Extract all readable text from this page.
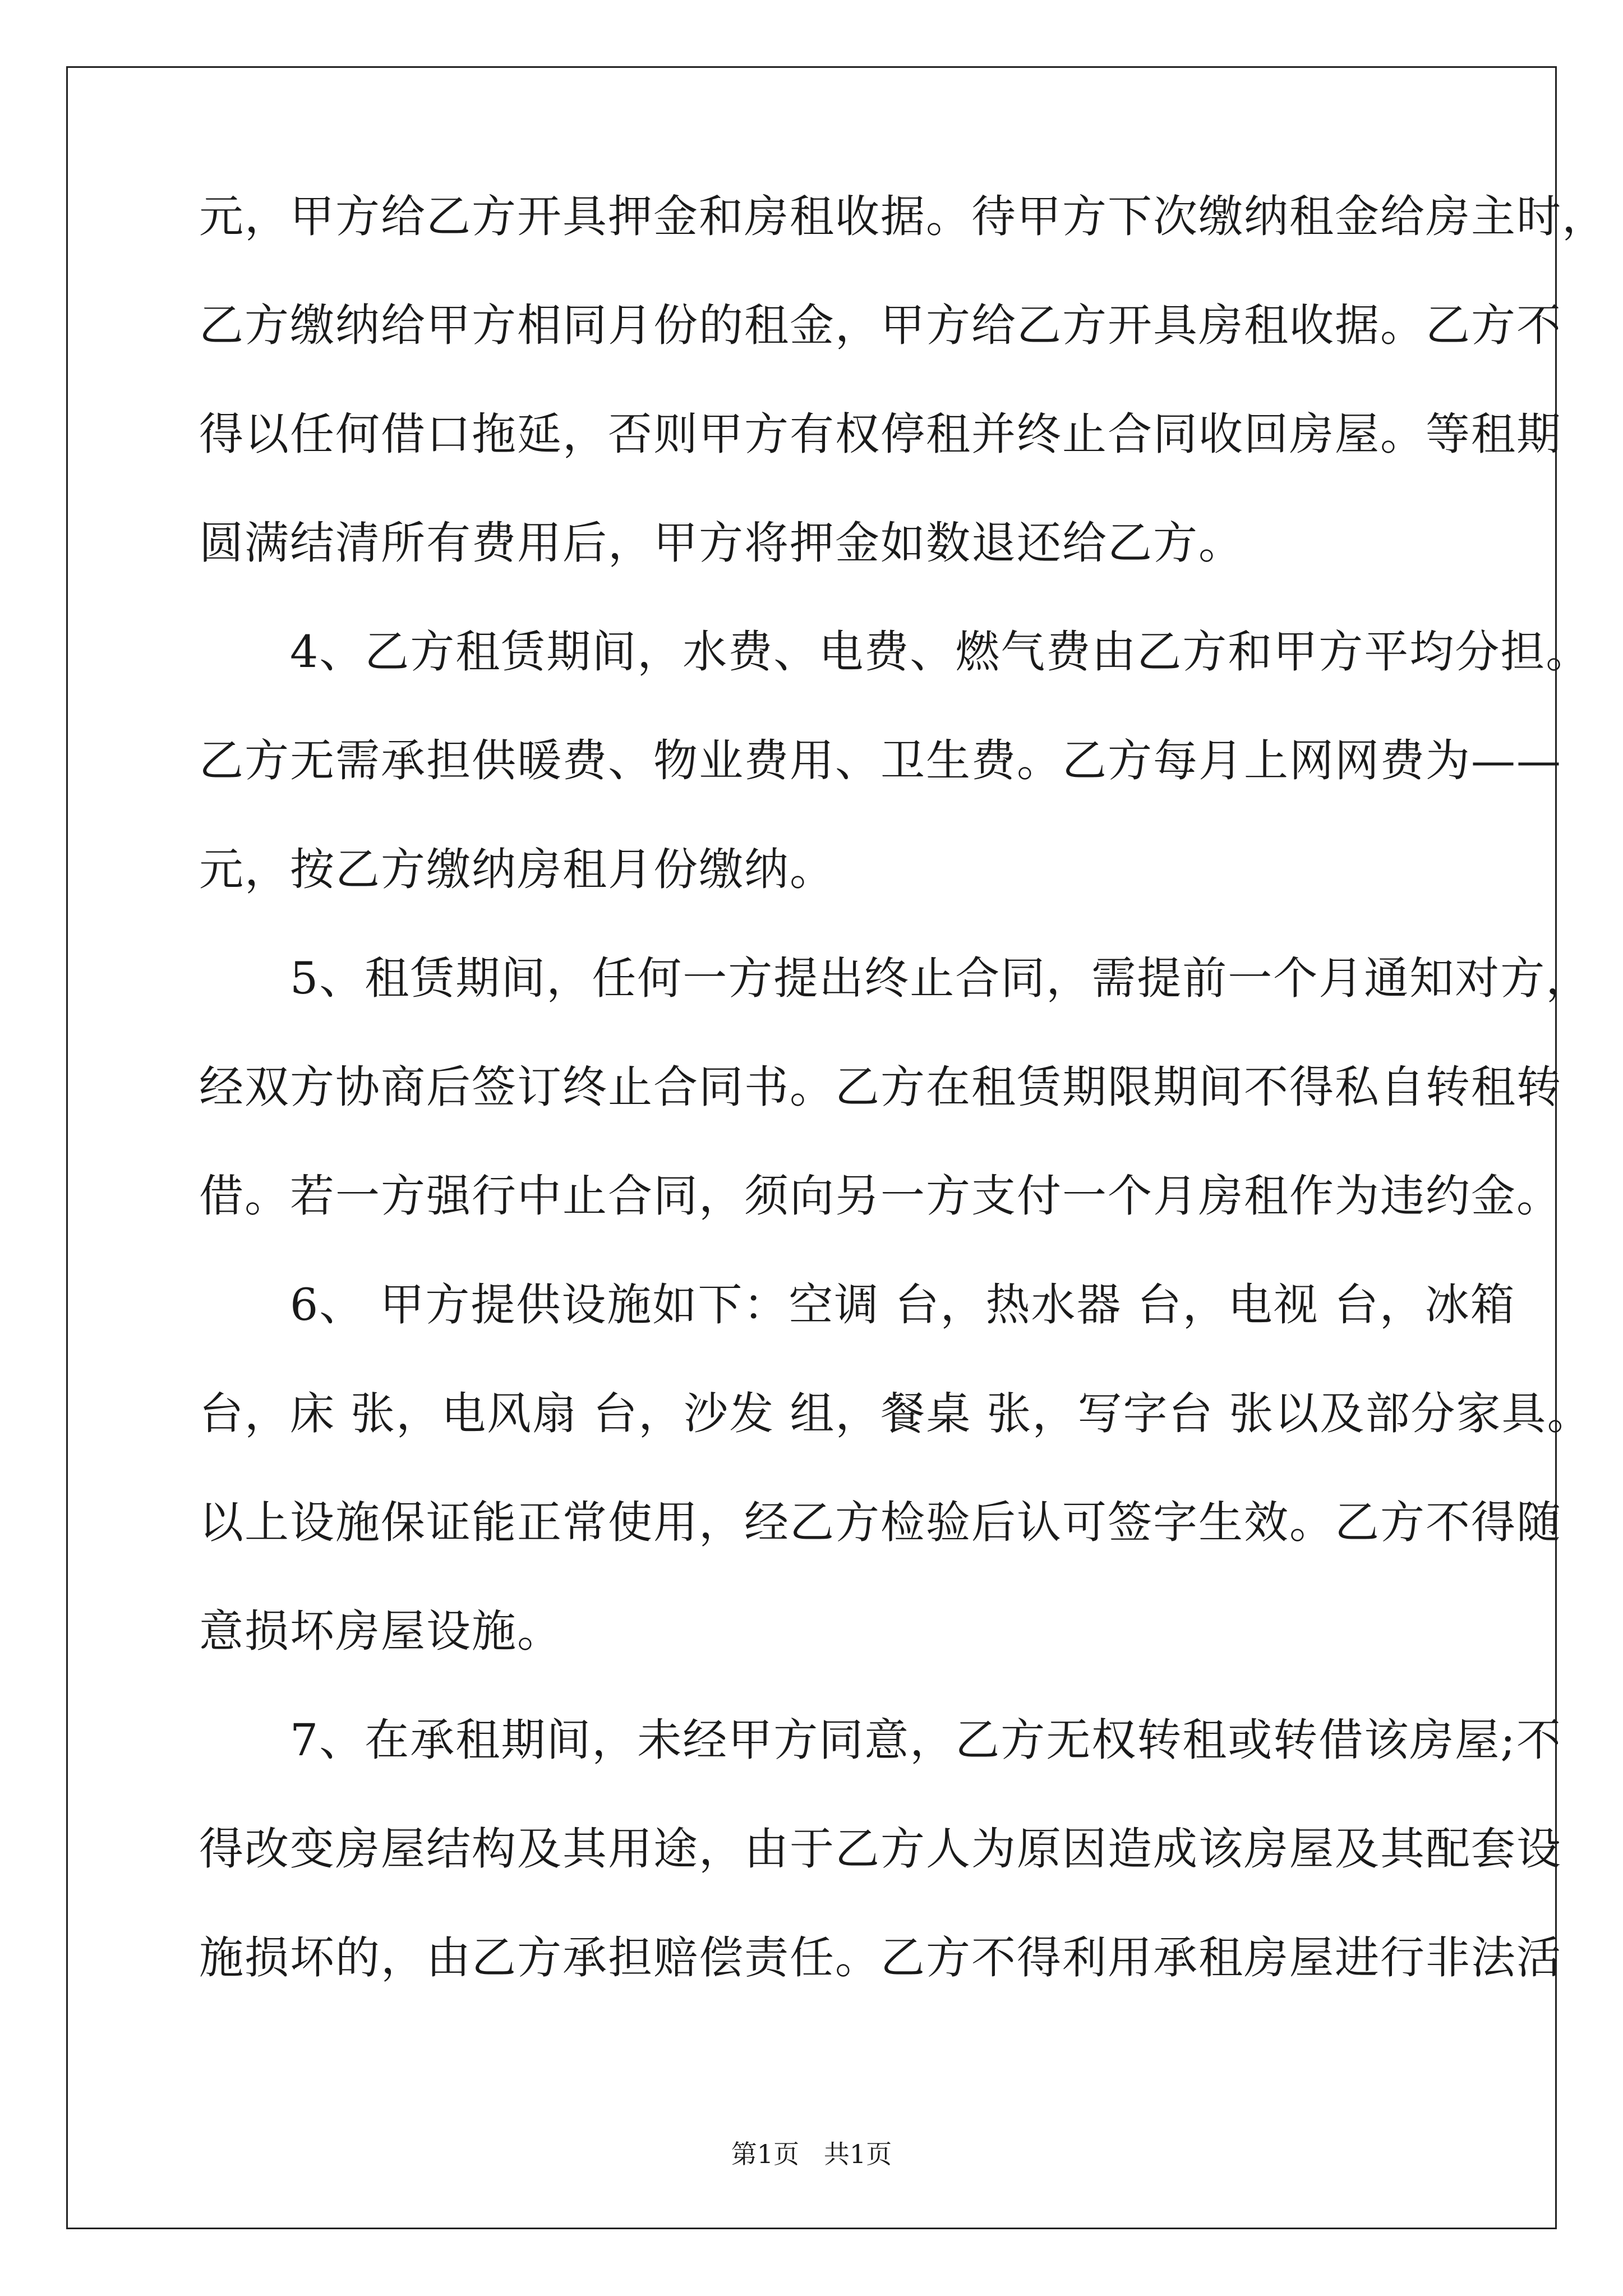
元，甲方给乙方开具押金和房租收据。待甲方下次缴纳租金给房主时，
乙方缴纳给甲方相同月份的租金，甲方给乙方开具房租收据。乙方不
得以任何借口拖延，否则甲方有权停租并终止合同收回房屋。等租期
圆满结清所有费用后，甲方将押金如数退还给乙方。
　　4、乙方租赁期间，水费、电费、燃气费由乙方和甲方平均分担。
乙方无需承担供暖费、物业费用、卫生费。乙方每月上网网费为——
元，按乙方缴纳房租月份缴纳。
　　5、租赁期间，任何一方提出终止合同，需提前一个月通知对方，
经双方协商后签订终止合同书。乙方在租赁期限期间不得私自转租转
借。若一方强行中止合同，须向另一方支付一个月房租作为违约金。
　　6、 甲方提供设施如下：空调 台，热水器 台，电视 台，冰箱
台，床 张，电风扇 台，沙发 组，餐桌 张，写字台 张以及部分家具。
以上设施保证能正常使用，经乙方检验后认可签字生效。乙方不得随
意损坏房屋设施。
　　7、在承租期间，未经甲方同意，乙方无权转租或转借该房屋;不
得改变房屋结构及其用途，由于乙方人为原因造成该房屋及其配套设
施损坏的，由乙方承担赔偿责任。乙方不得利用承租房屋进行非法活
第1页   共1页
